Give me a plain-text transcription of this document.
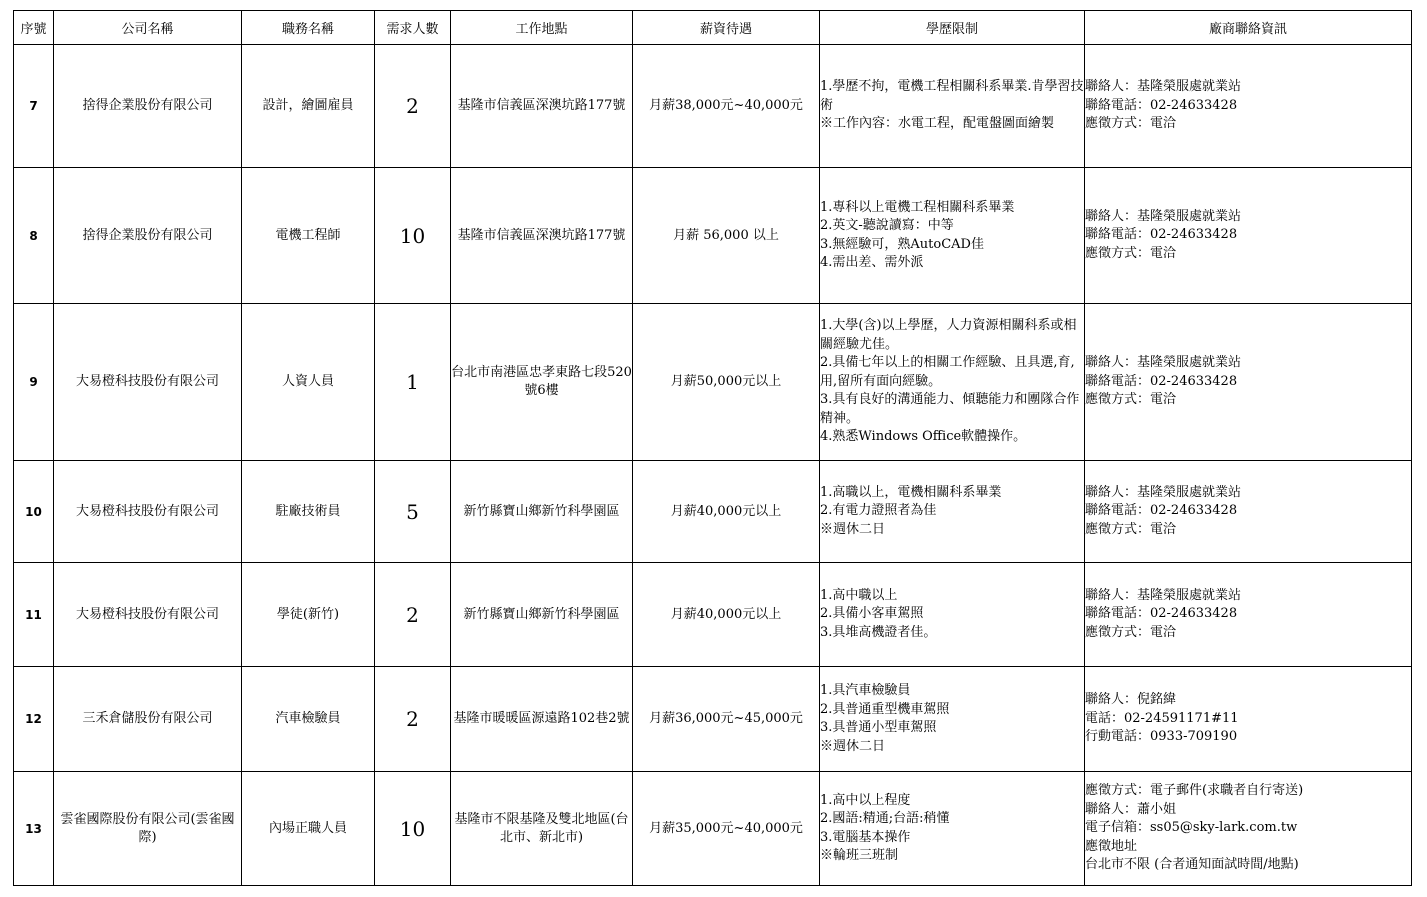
序號	公司名稱	職務名稱	需求人數	工作地點	薪資待遇	學歷限制	廠商聯絡資訊
7	捨得企業股份有限公司	設計，繪圖雇員	2	基隆市信義區深澳坑路177號	月薪38,000元~40,000元	1.學歷不拘，電機工程相關科系畢業.肯學習技術
※工作內容：水電工程，配電盤圖面繪製	聯絡人：基隆榮服處就業站
聯絡電話：02-24633428
應徵方式：電洽

8	捨得企業股份有限公司	電機工程師	10	基隆市信義區深澳坑路177號	月薪 56,000 以上	1.專科以上電機工程相關科系畢業
2.英文-聽說讀寫：中等
3.無經驗可，熟AutoCAD佳
4.需出差、需外派	聯絡人：基隆榮服處就業站
聯絡電話：02-24633428
應徵方式：電洽

9	大易橙科技股份有限公司	人資人員	1	台北市南港區忠孝東路七段520號6樓	月薪50,000元以上	1.大學(含)以上學歷，人力資源相關科系或相關經驗尤佳。
2.具備七年以上的相關工作經驗、且具選,育,用,留所有面向經驗。
3.具有良好的溝通能力、傾聽能力和團隊合作精神。
4.熟悉Windows Office軟體操作。	聯絡人：基隆榮服處就業站
聯絡電話：02-24633428
應徵方式：電洽

10	大易橙科技股份有限公司	駐廠技術員	5	新竹縣寶山鄉新竹科學園區	月薪40,000元以上	1.高職以上，電機相關科系畢業
2.有電力證照者為佳
※週休二日	聯絡人：基隆榮服處就業站
聯絡電話：02-24633428
應徵方式：電洽

11	大易橙科技股份有限公司	學徒(新竹)	2	新竹縣寶山鄉新竹科學園區	月薪40,000元以上	1.高中職以上
2.具備小客車駕照
3.具堆高機證者佳。	聯絡人：基隆榮服處就業站
聯絡電話：02-24633428
應徵方式：電洽

12	三禾倉儲股份有限公司	汽車檢驗員	2	基隆市暖暖區源遠路102巷2號	月薪36,000元~45,000元	1.具汽車檢驗員
2.具普通重型機車駕照
3.具普通小型車駕照
※週休二日	聯絡人：倪銘緯
電話：02-24591171#11
行動電話：0933-709190

13	雲雀國際股份有限公司(雲雀國際)	內場正職人員	10	基隆市不限基隆及雙北地區(台北市、新北市)	月薪35,000元~40,000元	1.高中以上程度
2.國語:精通;台語:稍懂
3.電腦基本操作
※輪班三班制	應徵方式：電子郵件(求職者自行寄送)
聯絡人：蕭小姐
電子信箱：ss05@sky-lark.com.tw
應徵地址
台北市不限 (合者通知面試時間/地點)
